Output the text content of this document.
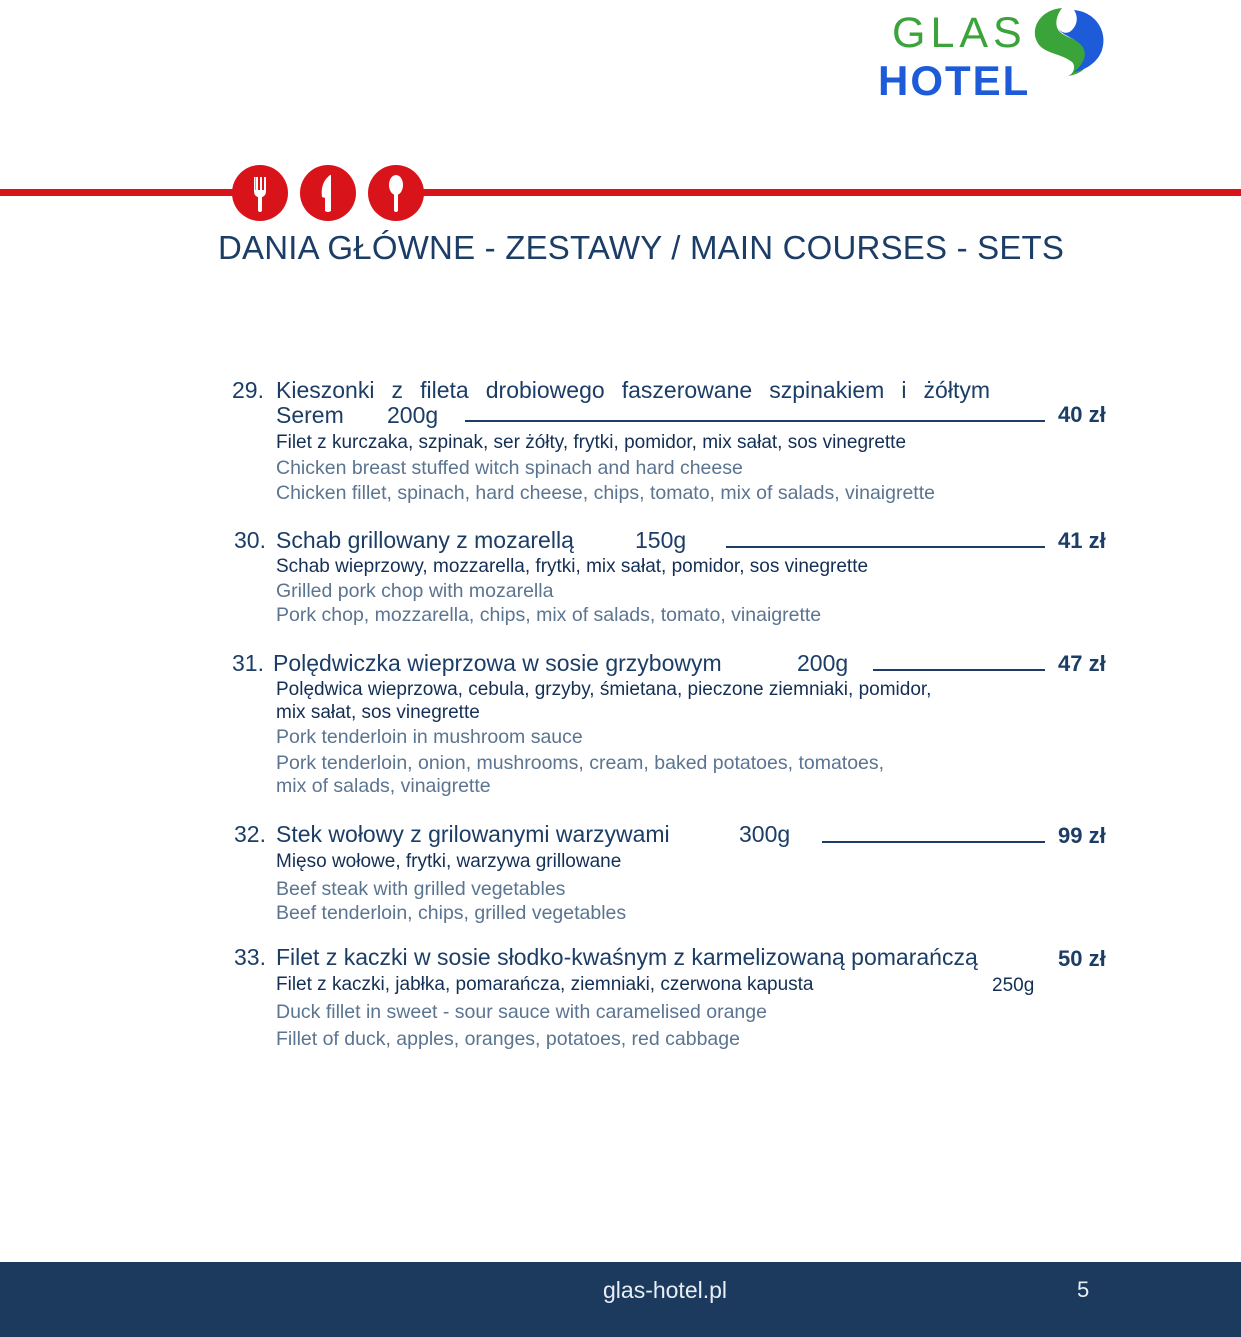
GLAS
HOTEL
DANIA GŁÓWNE - ZESTAWY / MAIN COURSES - SETS
29. Kieszonki z fileta drobiowego faszerowane szpinakiem i żółtym
Serem 200g	40 zł
Filet z kurczaka, szpinak, ser żółty, frytki, pomidor, mix sałat, sos vinegrette
Chicken breast stuffed witch spinach and hard cheese
Chicken fillet, spinach, hard cheese, chips, tomato, mix of salads, vinaigrette
30. Schab grillowany z mozarellą	150g	41 zł
Schab wieprzowy, mozzarella, frytki, mix sałat, pomidor, sos vinegrette
Grilled pork chop with mozarella
Pork chop, mozzarella, chips, mix of salads, tomato, vinaigrette
31. Polędwiczka wieprzowa w sosie grzybowym	200g	47 zł
Polędwica wieprzowa, cebula, grzyby, śmietana, pieczone ziemniaki, pomidor,
mix sałat, sos vinegrette
Pork tenderloin in mushroom sauce
Pork tenderloin, onion, mushrooms, cream, baked potatoes, tomatoes,
mix of salads, vinaigrette
32. Stek wołowy z grilowanymi warzywami	300g	99 zł
Mięso wołowe, frytki, warzywa grillowane
Beef steak with grilled vegetables
Beef tenderloin, chips, grilled vegetables
33. Filet z kaczki w sosie słodko-kwaśnym z karmelizowaną pomarańczą	50 zł
Filet z kaczki, jabłka, pomarańcza, ziemniaki, czerwona kapusta	250g
Duck fillet in sweet - sour sauce with caramelised orange
Fillet of duck, apples, oranges, potatoes, red cabbage
glas-hotel.pl	5
